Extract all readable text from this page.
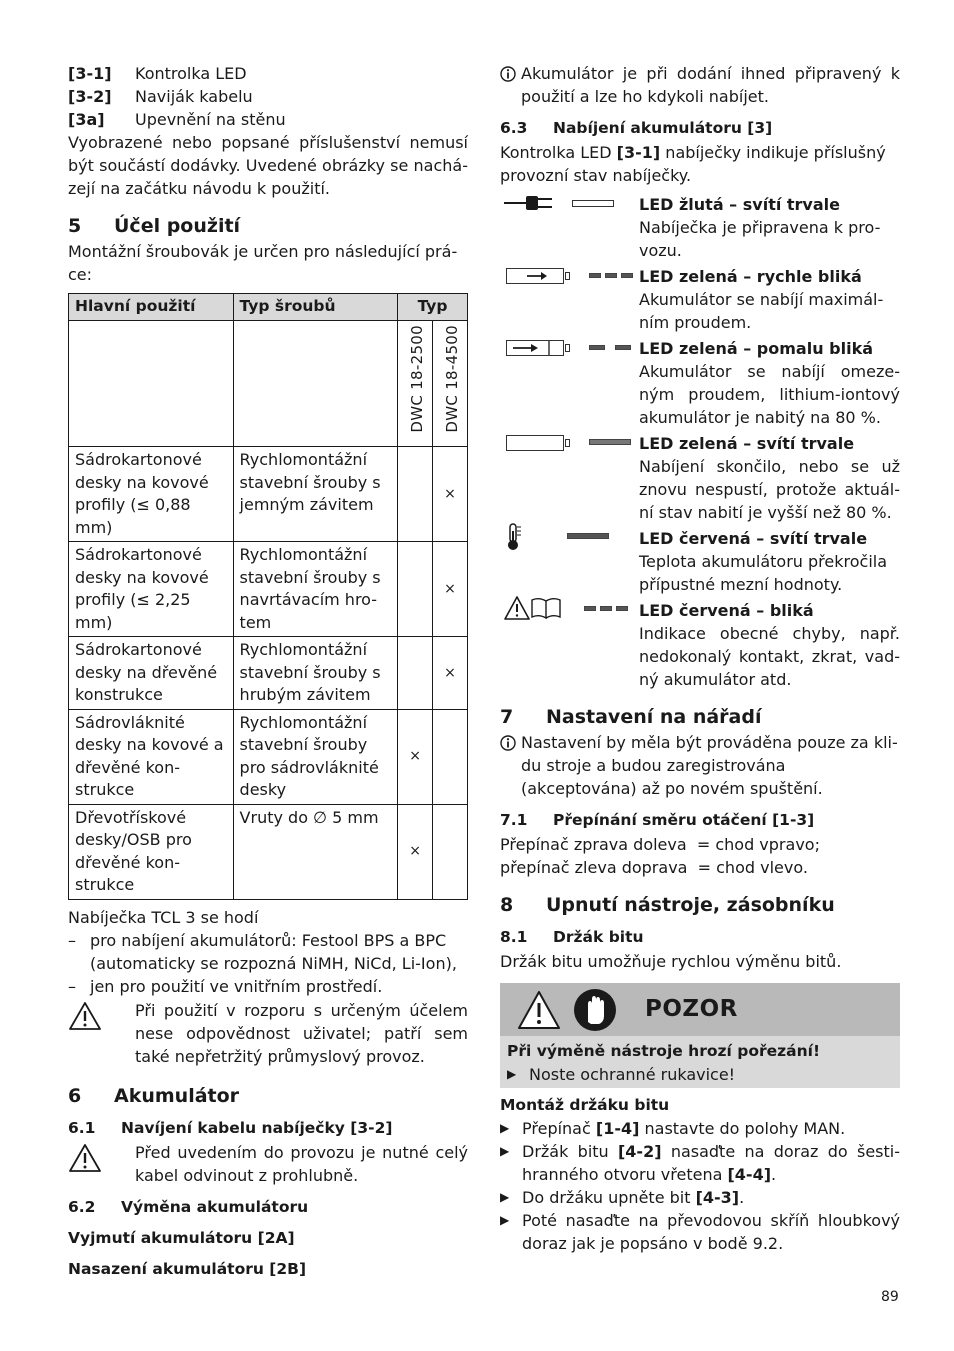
[3-1]	Kontrolka LED
[3-2]	Naviják kabelu
[3a]	Upevnění na stěnu

Vyobrazené nebo popsané příslušenství nemusí být součástí dodávky. Uvedené obrázky se nachá-zejí na začátku návodu k použití.

5	Účel použití

Montážní šroubovák je určen pro následující prá-ce:

Hlavní použití	Typ šroubů	Typ	

		DWC 18-2500	DWC 18-4500

Sádrokartonové desky na kovové profily (≤ 0,88 mm)	Rychlomontážní stavební šrouby s jemným závitem		×
Sádrokartonové desky na kovové profily (≤ 2,25 mm)	Rychlomontážní stavební šrouby s navrtávacím hro-tem		×
Sádrokartonové desky na dřevěné konstrukce	Rychlomontážní stavební šrouby s hrubým závitem		×
Sádrovláknité desky na kovové a dřevěné kon-strukce	Rychlomontážní stavební šrouby pro sádrovláknité desky	×	
Dřevotřískové desky/OSB pro dřevěné kon-strukce	Vruty do ∅ 5 mm	×	

Nabíječka TCL 3 se hodí

– pro nabíjení akumulátorů: Festool BPS a BPC (automaticky se rozpozná NiMH, NiCd, Li-Ion),
– jen pro použití ve vnitřním prostředí.
Při použití v rozporu s určeným účelem nese odpovědnost uživatel; patří sem také nepřetržitý průmyslový provoz.
6	Akumulátor
6.1	Navíjení kabelu nabíječky [3-2]
Před uvedením do provozu je nutné celý kabel odvinout z prohlubně.
6.2	Výměna akumulátoru

Vyjmutí akumulátoru [2A]

Nasazení akumulátoru [2B]

Akumulátor je při dodání ihned připravený k použití a lze ho kdykoli nabíjet.
6.3	Nabíjení akumulátoru [3]

Kontrolka LED [3-1] nabíječky indikuje příslušný provozní stav nabíječky.

LED žlutá – svítí trvale
Nabíječka je připravena k pro-vozu.
LED zelená – rychle bliká
Akumulátor se nabíjí maximál-ním proudem.
LED zelená – pomalu bliká
Akumulátor se nabíjí omeze-ným proudem, lithium-iontový akumulátor je nabitý na 80 %.
LED zelená – svítí trvale
Nabíjení skončilo, nebo se už znovu nespustí, protože aktuál-ní stav nabití je vyšší než 80 %.
LED červená – svítí trvale
Teplota akumulátoru překročila přípustné mezní hodnoty.
LED červená – bliká
Indikace obecné chyby, např. nedokonalý kontakt, zkrat, vad-ný akumulátor atd.
7	Nastavení na nářadí
Nastavení by měla být prováděna pouze za kli-du stroje a budou zaregistrována (akceptována) až po novém spuštění.
7.1	Přepínání směru otáčení [1-3]

Přepínač zprava doleva  = chod vpravo;

přepínač zleva doprava  = chod vlevo.

8	Upnutí nástroje, zásobníku
8.1	Držák bitu

Držák bitu umožňuje rychlou výměnu bitů.

POZOR
Při výměně nástroje hrozí pořezání!
▶ Noste ochranné rukavice!

Montáž držáku bitu

▶ Přepínač [1-4] nastavte do polohy MAN.
▶ Držák bitu [4-2] nasaďte na doraz do šesti-hranného otvoru vřetena [4-4].
▶ Do držáku upněte bit [4-3].
▶ Poté nasaďte na převodovou skříň hloubkový doraz jak je popsáno v bodě 9.2.
89
